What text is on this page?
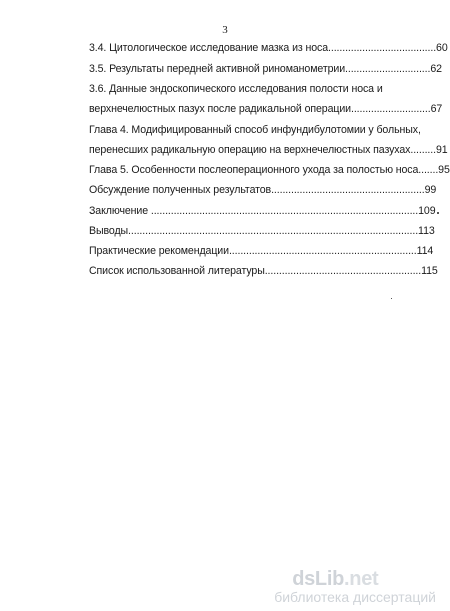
3
3.4. Цитологическое исследование мазка из носа......................................60
3.5. Результаты передней активной риноманометрии..............................62
3.6. Данные эндоскопического исследования полости носа и
верхнечелюстных пазух после радикальной операции............................67
Глава 4. Модифицированный способ инфундибулотомии у больных,
перенесших радикальную операцию на верхнечелюстных пазухах.........91
Глава 5. Особенности послеоперационного ухода за полостью носа.......95
Обсуждение полученных результатов......................................................99
Заключение ..............................................................................................109
Выводы......................................................................................................113
Практические рекомендации..................................................................114
Список использованной литературы.......................................................115
dsLib.net
библиотека диссертаций
